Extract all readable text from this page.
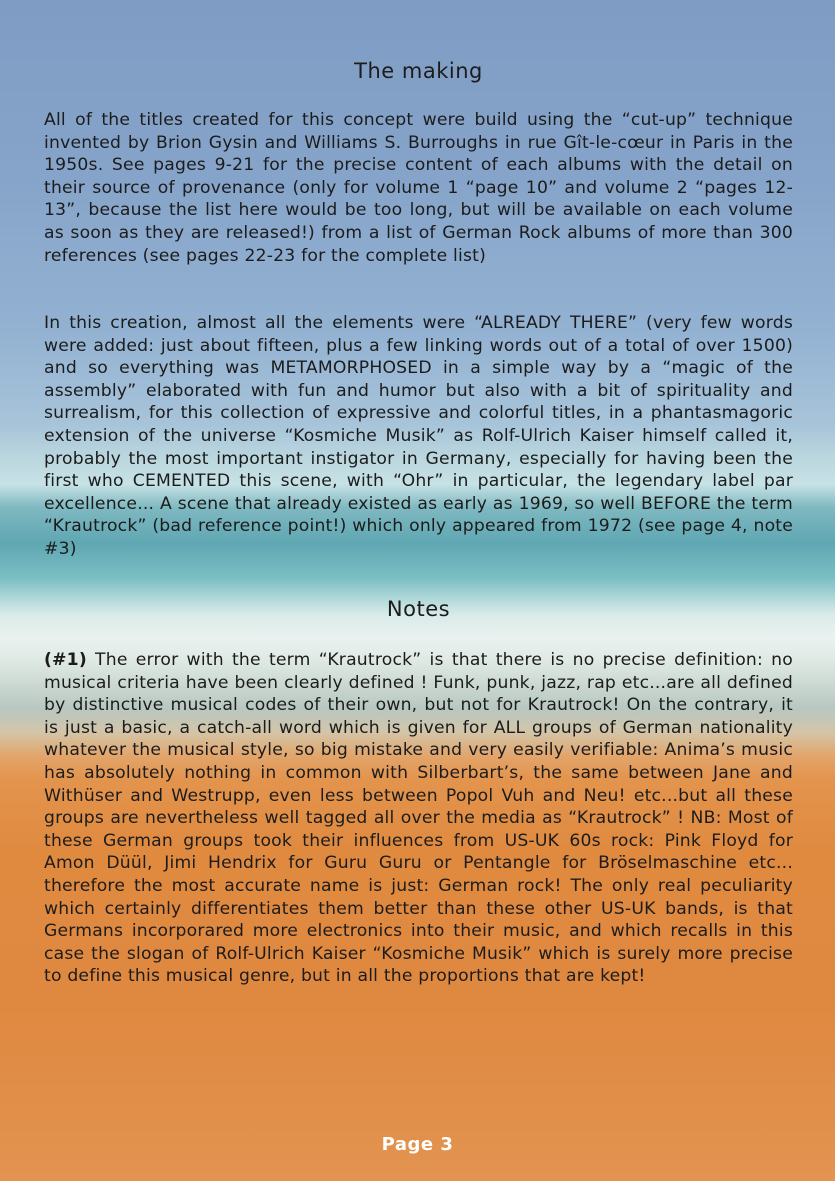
The making

All of the titles created for this concept were build using the “cut-up” technique invented by Brion Gysin and Williams S. Burroughs in rue Gît-le-cœur in Paris in the 1950s. See pages 9-21 for the precise content of each albums with the detail on their source of provenance (only for volume 1 “page 10” and volume 2 “pages 12-13”, because the list here would be too long, but will be available on each volume as soon as they are released!) from a list of German Rock albums of more than 300 references (see pages 22-23 for the complete list)

In this creation, almost all the elements were “ALREADY THERE” (very few words were added: just about fifteen, plus a few linking words out of a total of over 1500) and so everything was METAMORPHOSED in a simple way by a “magic of the assembly” elaborated with fun and humor but also with a bit of spirituality and surrealism, for this collection of expressive and colorful titles, in a phantasmagoric extension of the universe “Kosmiche Musik” as Rolf-Ulrich Kaiser himself called it, probably the most important instigator in Germany, especially for having been the first who CEMENTED this scene, with “Ohr” in particular, the legendary label par excellence... A scene that already existed as early as 1969, so well BEFORE the term “Krautrock” (bad reference point!) which only appeared from 1972 (see page 4, note #3)

Notes

(#1) The error with the term “Krautrock” is that there is no precise definition: no musical criteria have been clearly defined ! Funk, punk, jazz, rap etc...are all defined by distinctive musical codes of their own, but not for Krautrock! On the contrary, it is just a basic, a catch-all word which is given for ALL groups of German nationality whatever the musical style, so big mistake and very easily verifiable: Anima’s music has absolutely nothing in common with Silberbart’s, the same between Jane and Withüser and Westrupp, even less between Popol Vuh and Neu! etc...but all these groups are nevertheless well tagged all over the media as “Krautrock” ! NB: Most of these German groups took their influences from US-UK 60s rock: Pink Floyd for Amon Düül, Jimi Hendrix for Guru Guru or Pentangle for Bröselmaschine etc... therefore the most accurate name is just: German rock! The only real peculiarity which certainly differentiates them better than these other US-UK bands, is that Germans incorporared more electronics into their music, and which recalls in this case the slogan of Rolf-Ulrich Kaiser “Kosmiche Musik” which is surely more precise to define this musical genre, but in all the proportions that are kept!

Page 3
